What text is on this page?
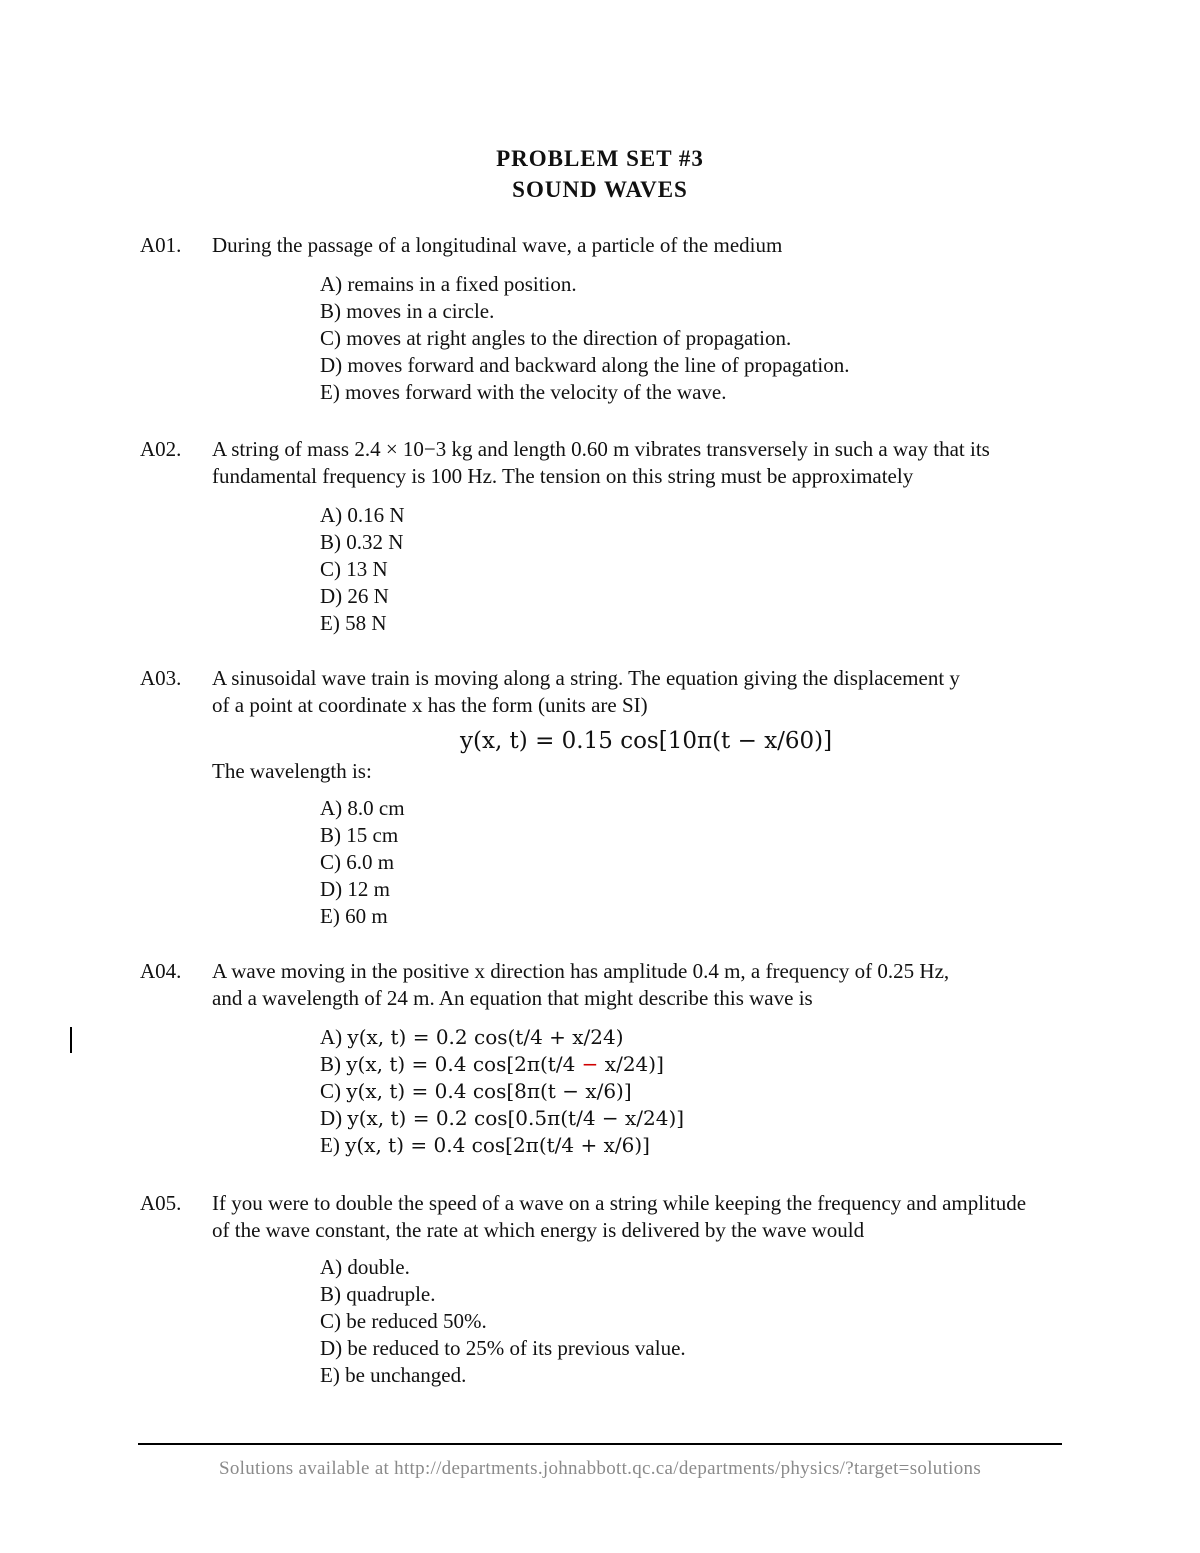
PROBLEM SET #3
SOUND WAVES
A01. During the passage of a longitudinal wave, a particle of the medium
A) remains in a fixed position.
B) moves in a circle.
C) moves at right angles to the direction of propagation.
D) moves forward and backward along the line of propagation.
E) moves forward with the velocity of the wave.
A02. A string of mass 2.4 × 10−3 kg and length 0.60 m vibrates transversely in such a way that its
fundamental frequency is 100 Hz. The tension on this string must be approximately
A) 0.16 N
B) 0.32 N
C) 13 N
D) 26 N
E) 58 N
A03. A sinusoidal wave train is moving along a string. The equation giving the displacement y
of a point at coordinate x has the form (units are SI)
y(x, t) = 0.15 cos[10π(t − x/60)]
The wavelength is:
A) 8.0 cm
B) 15 cm
C) 6.0 m
D) 12 m
E) 60 m
A04. A wave moving in the positive x direction has amplitude 0.4 m, a frequency of 0.25 Hz,
and a wavelength of 24 m. An equation that might describe this wave is
A) y(x, t) = 0.2 cos(t/4 + x/24)
B) y(x, t) = 0.4 cos[2π(t/4 − x/24)]
C) y(x, t) = 0.4 cos[8π(t − x/6)]
D) y(x, t) = 0.2 cos[0.5π(t/4 − x/24)]
E) y(x, t) = 0.4 cos[2π(t/4 + x/6)]
A05. If you were to double the speed of a wave on a string while keeping the frequency and amplitude
of the wave constant, the rate at which energy is delivered by the wave would
A) double.
B) quadruple.
C) be reduced 50%.
D) be reduced to 25% of its previous value.
E) be unchanged.
Solutions available at http://departments.johnabbott.qc.ca/departments/physics/?target=solutions
